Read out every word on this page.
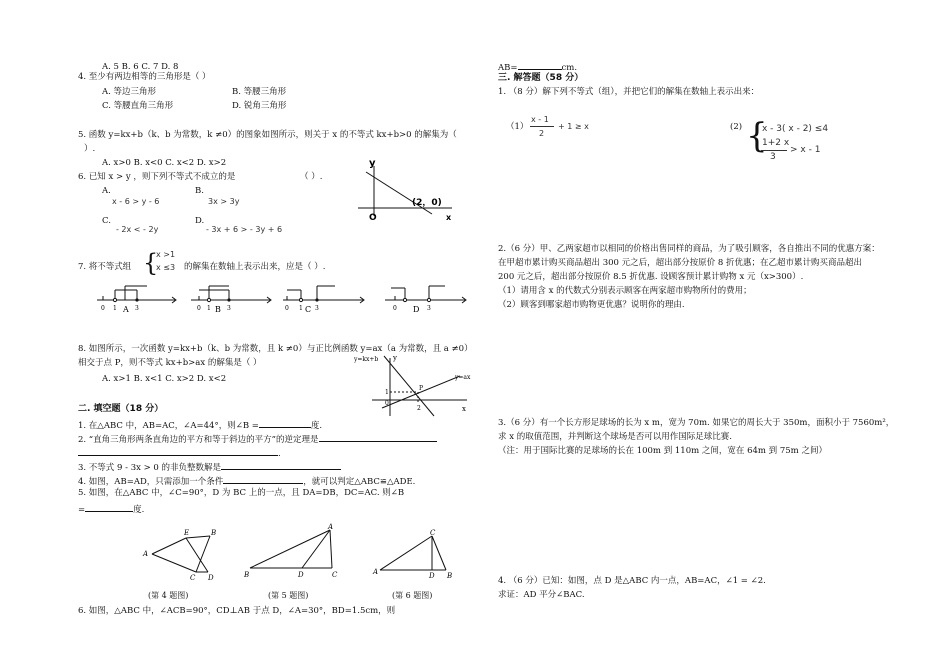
A. 5 B. 6 C. 7 D. 8
4. 至少有两边相等的三角形是（ ）
A. 等边三角形	B. 等腰三角形
C. 等腰直角三角形	D. 锐角三角形
5. 函数 y=kx+b（k、b 为常数，k ≠0）的图象如图所示，则关于 x 的不等式 kx+b>0 的解集为（
）.
A. x>0 B. x<0 C. x<2 D. x>2
6. 已知 x > y ，则下列不等式不成立的是	（ ）.
A.
x - 6 > y - 6
B.
3x > 3y
C.
- 2x < - 2y
D.
- 3x + 6 > - 3y + 6
y
x
O
(2，0)
7. 将不等式组 {
x >1
x ≤3 的解集在数轴上表示出来，应是（ ）.
0 1 A 3	0 1 B 3	0 1 C 3	0 D 3
8. 如图所示，一次函数 y=kx+b（k、b 为常数，且 k ≠0）与正比例函数 y=ax（a 为常数，且 a ≠0）
相交于点 P，则不等式 kx+b>ax 的解集是（ ）
A. x>1 B. x<1 C. x>2 D. x<2
y=kx+b
y=ax
y
x
P
1
0
2
二. 填空题（18 分）
1. 在△ABC 中，AB=AC，∠A=44°，则∠B =	度.
2. “直角三角形两条直角边的平方和等于斜边的平方”的逆定理是
.
3. 不等式 9 - 3x > 0 的非负整数解是
4. 如图，AB=AD，只需添加一个条件	，就可以判定△ABC≌△ADE.
5. 如图，在△ABC 中，∠C=90°，D 为 BC 上的一点，且 DA=DB，DC=AC. 则∠B
=	度.
A
E	B
C D
(第 4 题图)
A
B	D	C
(第 5 题图)
C
A	D B
(第 6 题图)
6. 如图，△ABC 中，∠ACB=90°，CD⊥AB 于点 D，∠A=30°，BD=1.5cm，则
AB=	cm.
三. 解答题（58 分）
1. （8 分）解下列不等式（组），并把它们的解集在数轴上表示出来：
（1）
x - 1
2
+ 1 ≥ x	(2) {
x - 3( x - 2) ≤4
1+2 x
3
> x - 1
2.（6 分）甲、乙两家超市以相同的价格出售同样的商品，为了吸引顾客，各自推出不同的优惠方案：
在甲超市累计购买商品超出 300 元之后，超出部分按原价 8 折优惠；在乙超市累计购买商品超出
200 元之后，超出部分按原价 8.5 折优惠. 设顾客预计累计购物 x 元（x>300）.
（1）请用含 x 的代数式分别表示顾客在两家超市购物所付的费用；
（2）顾客到哪家超市购物更优惠？说明你的理由.
3.（6 分）有一个长方形足球场的长为 x m，宽为 70m. 如果它的周长大于 350m，面积小于 7560m²，
求 x 的取值范围，并判断这个球场是否可以用作国际足球比赛.
（注：用于国际比赛的足球场的长在 100m 到 110m 之间，宽在 64m 到 75m 之间）
4. （6 分）已知：如图，点 D 是△ABC 内一点，AB=AC，∠1 = ∠2.
求证：AD 平分∠BAC.
